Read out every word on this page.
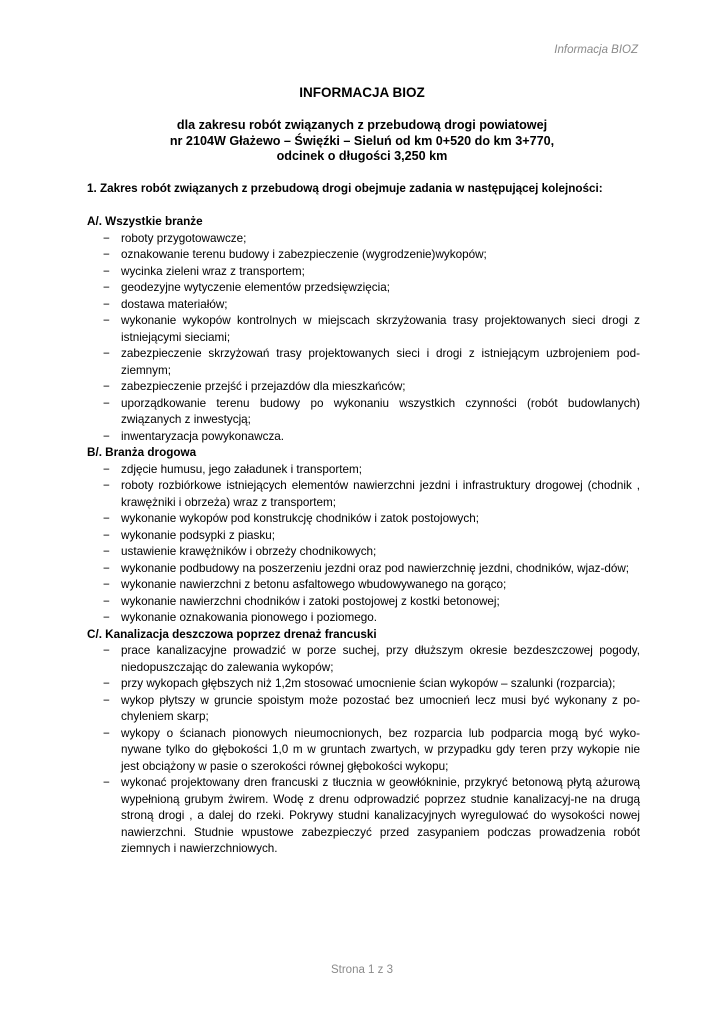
Informacja BIOZ
INFORMACJA BIOZ
dla zakresu robót związanych z przebudową drogi powiatowej
nr 2104W Głażewo – Święźki – Sieluń od km 0+520 do km 3+770,
odcinek o długości 3,250 km
1. Zakres robót związanych z przebudową drogi obejmuje zadania w następującej kolejności:
A/. Wszystkie branże
− roboty przygotowawcze;
− oznakowanie terenu budowy i zabezpieczenie (wygrodzenie)wykopów;
− wycinka zieleni wraz z transportem;
− geodezyjne wytyczenie elementów przedsięwzięcia;
− dostawa materiałów;
− wykonanie wykopów kontrolnych w miejscach skrzyżowania trasy projektowanych sieci drogi z istniejącymi sieciami;
− zabezpieczenie skrzyżowań trasy projektowanych sieci i drogi z istniejącym uzbrojeniem pod-ziemnym;
− zabezpieczenie przejść i przejazdów dla mieszkańców;
− uporządkowanie terenu budowy po wykonaniu wszystkich czynności (robót budowlanych) związanych z inwestycją;
− inwentaryzacja powykonawcza.
B/. Branża drogowa
− zdjęcie humusu, jego załadunek i transportem;
− roboty rozbiórkowe istniejących elementów nawierzchni jezdni i infrastruktury drogowej (chodnik , krawężniki i obrzeża) wraz z transportem;
− wykonanie wykopów pod konstrukcję chodników i zatok postojowych;
− wykonanie podsypki z piasku;
− ustawienie krawężników i obrzeży chodnikowych;
− wykonanie podbudowy na poszerzeniu jezdni oraz pod nawierzchnię jezdni, chodników, wjaz-dów;
− wykonanie nawierzchni z betonu asfaltowego wbudowywanego na gorąco;
− wykonanie nawierzchni chodników i zatoki postojowej z kostki betonowej;
− wykonanie oznakowania pionowego i poziomego.
C/. Kanalizacja deszczowa poprzez drenaż francuski
− prace kanalizacyjne prowadzić w porze suchej, przy dłuższym okresie bezdeszczowej pogody, niedopuszczając do zalewania wykopów;
− przy wykopach głębszych niż 1,2m stosować umocnienie ścian wykopów – szalunki (rozparcia);
− wykop płytszy w gruncie spoistym może pozostać bez umocnień lecz musi być wykonany z po-chyleniem skarp;
− wykopy o ścianach pionowych nieumocnionych, bez rozparcia lub podparcia mogą być wyko-nywane tylko do głębokości 1,0 m w gruntach zwartych, w przypadku gdy teren przy wykopie nie jest obciążony w pasie o szerokości równej głębokości wykopu;
− wykonać projektowany dren francuski z tłucznia w geowłókninie, przykryć betonową płytą ażurową wypełnioną grubym żwirem. Wodę z drenu odprowadzić poprzez studnie kanalizacyj-ne na drugą stroną drogi , a dalej do rzeki. Pokrywy studni kanalizacyjnych wyregulować do wysokości nowej nawierzchni. Studnie wpustowe zabezpieczyć przed zasypaniem podczas prowadzenia robót ziemnych i nawierzchniowych.
Strona 1 z 3
